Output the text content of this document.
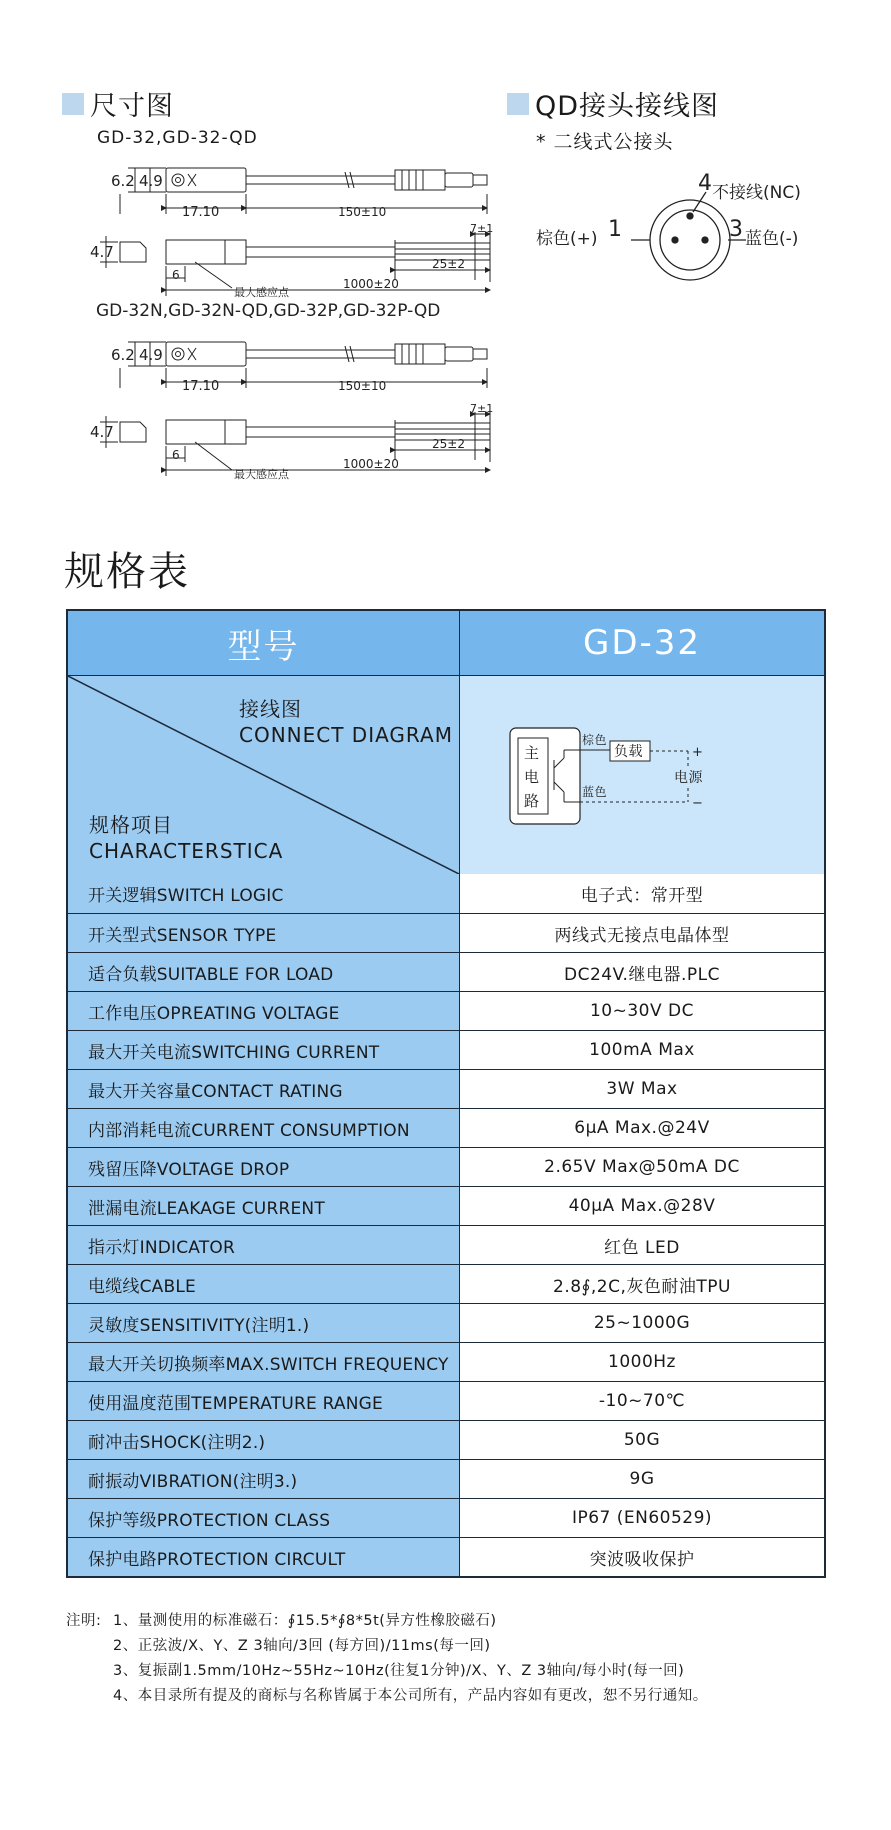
尺寸图
GD-32,GD-32-QD
QD接头接线图
* 二线式公接头
6.2 4.9
17.10	150±10
4.7
6
7±1
25±2
1000±20
最大感应点
GD-32N,GD-32N-QD,GD-32P,GD-32P-QD
6.2 4.9
17.10	150±10
4.7
6
7±1
25±2
1000±20
最大感应点
4 不接线(NC)
1
棕色(+)	3 蓝色(-)
规格表
型号	GD-32
接线图
CONNECT DIAGRAM
规格项目
CHARACTERSTICA
主
电
路
棕色
蓝色
负载
电源
+
−
开关逻辑SWITCH LOGIC	电子式：常开型
开关型式SENSOR TYPE	两线式无接点电晶体型
适合负载SUITABLE FOR LOAD	DC24V.继电器.PLC
工作电压OPREATING VOLTAGE	10~30V DC
最大开关电流SWITCHING CURRENT	100mA Max
最大开关容量CONTACT RATING	3W Max
内部消耗电流CURRENT CONSUMPTION	6μA Max.@24V
残留压降VOLTAGE DROP	2.65V Max@50mA DC
泄漏电流LEAKAGE CURRENT	40μA Max.@28V
指示灯INDICATOR	红色 LED
电缆线CABLE	2.8∮,2C,灰色耐油TPU
灵敏度SENSITIVITY(注明1.)	25~1000G
最大开关切换频率MAX.SWITCH FREQUENCY	1000Hz
使用温度范围TEMPERATURE RANGE	-10~70℃
耐冲击SHOCK(注明2.)	50G
耐振动VIBRATION(注明3.)	9G
保护等级PROTECTION CLASS	IP67 (EN60529)
保护电路PROTECTION CIRCULT	突波吸收保护
注明: 1、量测使用的标准磁石：∮15.5*∮8*5t(异方性橡胶磁石)
2、正弦波/X、Y、Z 3轴向/3回 (每方回)/11ms(每一回)
3、复振副1.5mm/10Hz~55Hz~10Hz(往复1分钟)/X、Y、Z 3轴向/每小时(每一回)
4、本目录所有提及的商标与名称皆属于本公司所有，产品内容如有更改，恕不另行通知。
